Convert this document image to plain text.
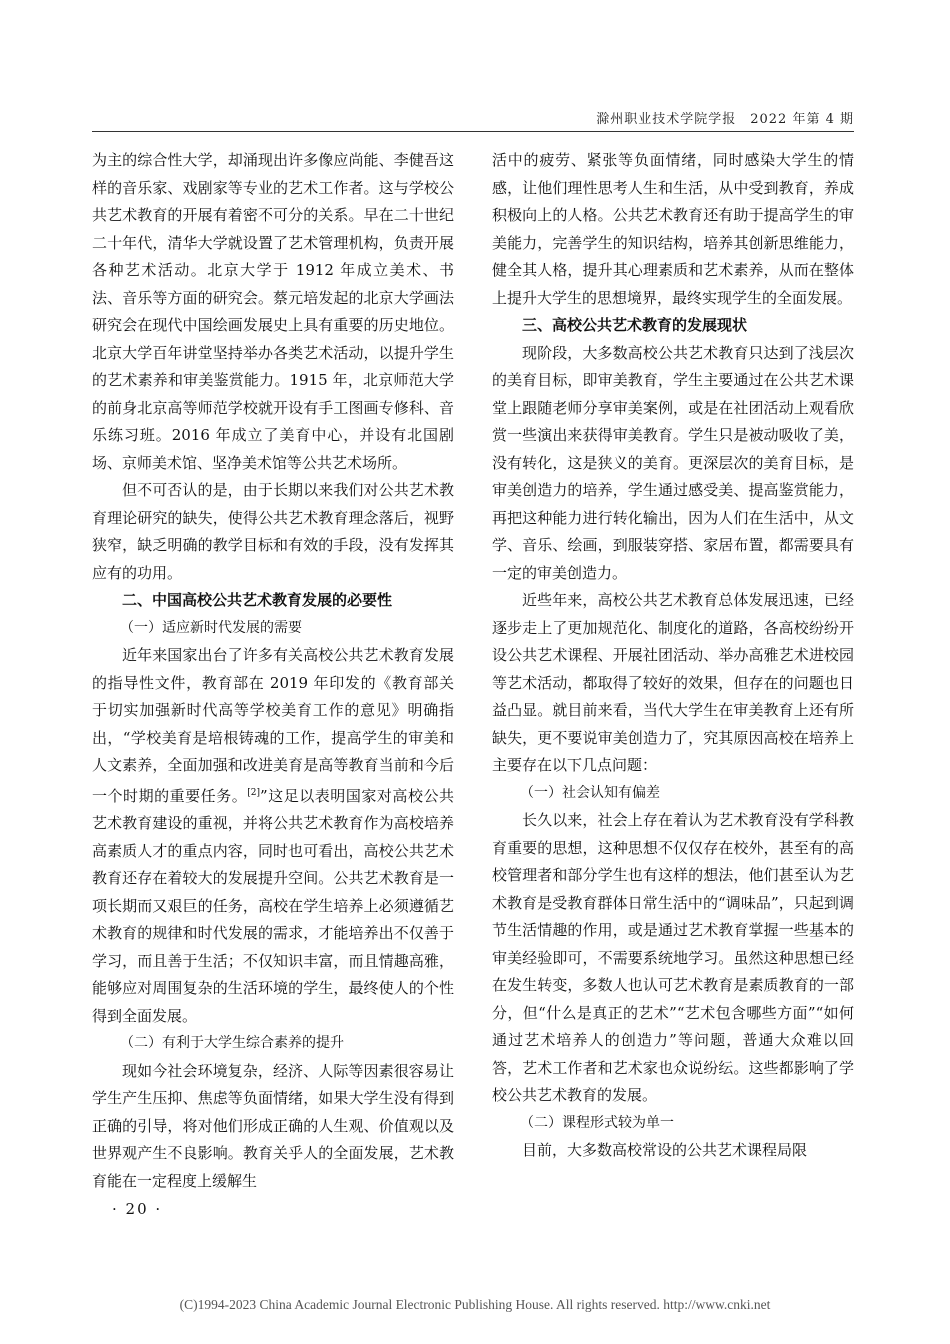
滁州职业技术学院学报  2022 年第 4 期

为主的综合性大学，却涌现出许多像应尚能、李健吾这样的音乐家、戏剧家等专业的艺术工作者。这与学校公共艺术教育的开展有着密不可分的关系。早在二十世纪二十年代，清华大学就设置了艺术管理机构，负责开展各种艺术活动。北京大学于 1912 年成立美术、书法、音乐等方面的研究会。蔡元培发起的北京大学画法研究会在现代中国绘画发展史上具有重要的历史地位。北京大学百年讲堂坚持举办各类艺术活动，以提升学生的艺术素养和审美鉴赏能力。1915 年，北京师范大学的前身北京高等师范学校就开设有手工图画专修科、音乐练习班。2016 年成立了美育中心，并设有北国剧场、京师美术馆、坚净美术馆等公共艺术场所。

但不可否认的是，由于长期以来我们对公共艺术教育理论研究的缺失，使得公共艺术教育理念落后，视野狭窄，缺乏明确的教学目标和有效的手段，没有发挥其应有的功用。

二、中国高校公共艺术教育发展的必要性
（一）适应新时代发展的需要

近年来国家出台了许多有关高校公共艺术教育发展的指导性文件，教育部在 2019 年印发的《教育部关于切实加强新时代高等学校美育工作的意见》明确指出，“学校美育是培根铸魂的工作，提高学生的审美和人文素养，全面加强和改进美育是高等教育当前和今后一个时期的重要任务。[2]”这足以表明国家对高校公共艺术教育建设的重视，并将公共艺术教育作为高校培养高素质人才的重点内容，同时也可看出，高校公共艺术教育还存在着较大的发展提升空间。公共艺术教育是一项长期而又艰巨的任务，高校在学生培养上必须遵循艺术教育的规律和时代发展的需求，才能培养出不仅善于学习，而且善于生活；不仅知识丰富，而且情趣高雅，能够应对周围复杂的生活环境的学生，最终使人的个性得到全面发展。

（二）有利于大学生综合素养的提升

现如今社会环境复杂，经济、人际等因素很容易让学生产生压抑、焦虑等负面情绪，如果大学生没有得到正确的引导，将对他们形成正确的人生观、价值观以及世界观产生不良影响。教育关乎人的全面发展，艺术教育能在一定程度上缓解生

活中的疲劳、紧张等负面情绪，同时感染大学生的情感，让他们理性思考人生和生活，从中受到教育，养成积极向上的人格。公共艺术教育还有助于提高学生的审美能力，完善学生的知识结构，培养其创新思维能力，健全其人格，提升其心理素质和艺术素养，从而在整体上提升大学生的思想境界，最终实现学生的全面发展。

三、高校公共艺术教育的发展现状

现阶段，大多数高校公共艺术教育只达到了浅层次的美育目标，即审美教育，学生主要通过在公共艺术课堂上跟随老师分享审美案例，或是在社团活动上观看欣赏一些演出来获得审美教育。学生只是被动吸收了美，没有转化，这是狭义的美育。更深层次的美育目标，是审美创造力的培养，学生通过感受美、提高鉴赏能力，再把这种能力进行转化输出，因为人们在生活中，从文学、音乐、绘画，到服装穿搭、家居布置，都需要具有一定的审美创造力。

近些年来，高校公共艺术教育总体发展迅速，已经逐步走上了更加规范化、制度化的道路，各高校纷纷开设公共艺术课程、开展社团活动、举办高雅艺术进校园等艺术活动，都取得了较好的效果，但存在的问题也日益凸显。就目前来看，当代大学生在审美教育上还有所缺失，更不要说审美创造力了，究其原因高校在培养上主要存在以下几点问题：

（一）社会认知有偏差

长久以来，社会上存在着认为艺术教育没有学科教育重要的思想，这种思想不仅仅存在校外，甚至有的高校管理者和部分学生也有这样的想法，他们甚至认为艺术教育是受教育群体日常生活中的“调味品”，只起到调节生活情趣的作用，或是通过艺术教育掌握一些基本的审美经验即可，不需要系统地学习。虽然这种思想已经在发生转变，多数人也认可艺术教育是素质教育的一部分，但“什么是真正的艺术”“艺术包含哪些方面”“如何通过艺术培养人的创造力”等问题，普通大众难以回答，艺术工作者和艺术家也众说纷纭。这些都影响了学校公共艺术教育的发展。

（二）课程形式较为单一

目前，大多数高校常设的公共艺术课程局限

· 20 ·
(C)1994-2023 China Academic Journal Electronic Publishing House. All rights reserved. http://www.cnki.net
